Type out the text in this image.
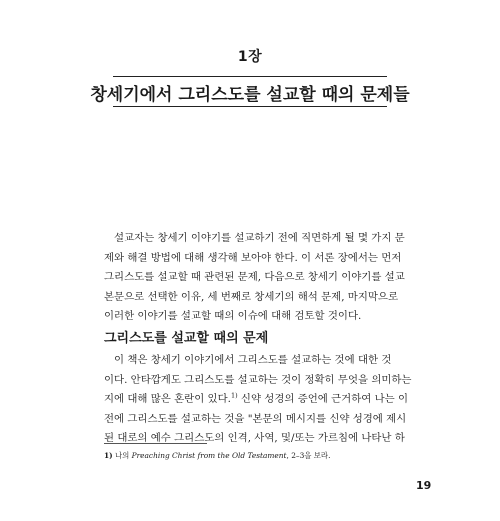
1장
창세기에서 그리스도를 설교할 때의 문제들

설교자는 창세기 이야기를 설교하기 전에 직면하게 될 몇 가지 문
제와 해결 방법에 대해 생각해 보아야 한다. 이 서론 장에서는 먼저
그리스도를 설교할 때 관련된 문제, 다음으로 창세기 이야기를 설교
본문으로 선택한 이유, 세 번째로 창세기의 해석 문제, 마지막으로
이러한 이야기를 설교할 때의 이슈에 대해 검토할 것이다.

그리스도를 설교할 때의 문제

이 책은 창세기 이야기에서 그리스도를 설교하는 것에 대한 것
이다. 안타깝게도 그리스도를 설교하는 것이 정확히 무엇을 의미하는
지에 대해 많은 혼란이 있다.$^{1)}$ 신약 성경의 증언에 근거하여 나는 이
전에 그리스도를 설교하는 것을 "본문의 메시지를 신약 성경에 제시
된 대로의 예수 그리스도의 인격, 사역, 및/또는 가르침에 나타난 하

1) 나의 Preaching Christ from the Old Testament, 2–3을 보라.
19
